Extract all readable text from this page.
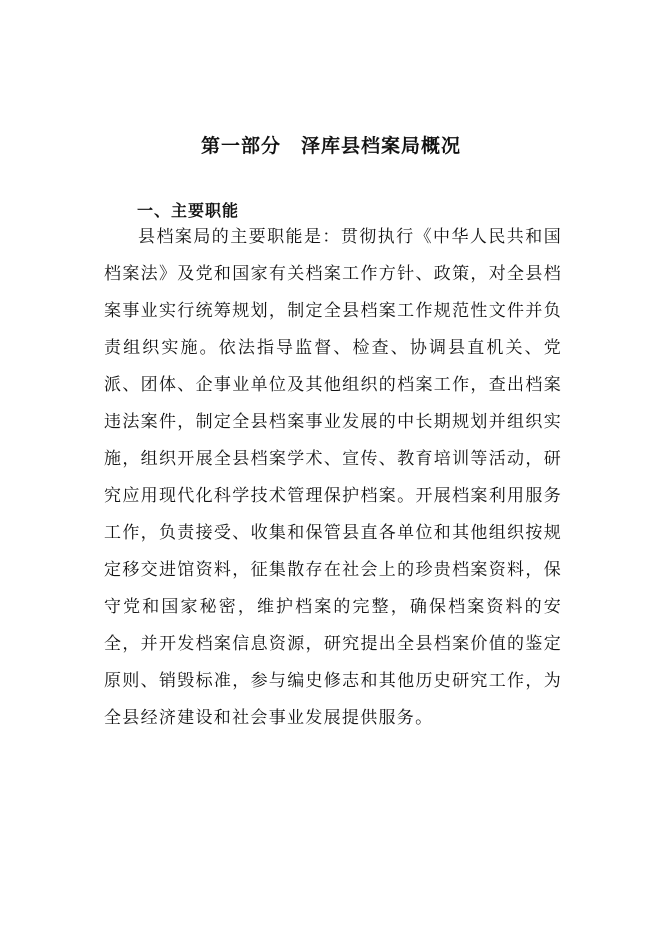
第一部分　泽库县档案局概况
一、主要职能

县档案局的主要职能是：贯彻执行《中华人民共和国档案法》及党和国家有关档案工作方针、政策，对全县档案事业实行统筹规划，制定全县档案工作规范性文件并负责组织实施。依法指导监督、检查、协调县直机关、党派、团体、企事业单位及其他组织的档案工作，查出档案违法案件，制定全县档案事业发展的中长期规划并组织实施，组织开展全县档案学术、宣传、教育培训等活动，研究应用现代化科学技术管理保护档案。开展档案利用服务工作，负责接受、收集和保管县直各单位和其他组织按规定移交进馆资料，征集散存在社会上的珍贵档案资料，保守党和国家秘密，维护档案的完整，确保档案资料的安全，并开发档案信息资源，研究提出全县档案价值的鉴定原则、销毁标准，参与编史修志和其他历史研究工作，为全县经济建设和社会事业发展提供服务。
